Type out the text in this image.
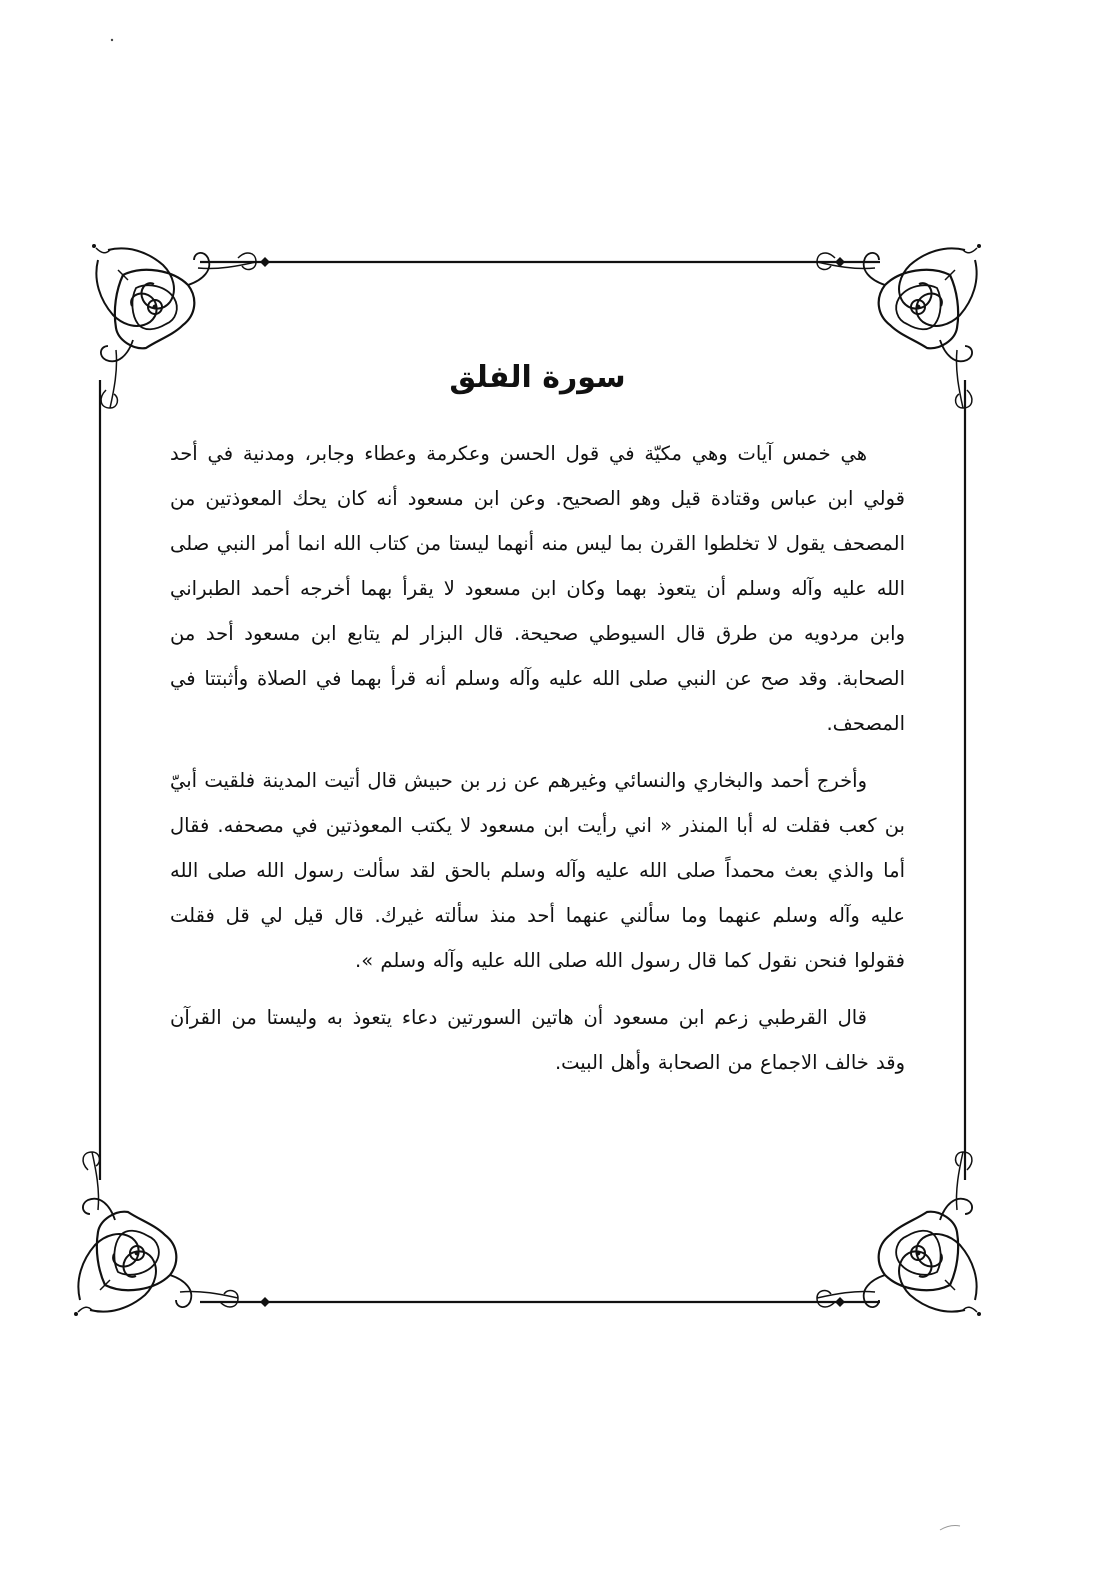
سورة الفلق

هي خمس آيات وهي مكيّة في قول الحسن وعكرمة وعطاء وجابر، ومدنية في أحد قولي ابن عباس وقتادة قيل وهو الصحيح. وعن ابن مسعود أنه كان يحك المعوذتين من المصحف يقول لا تخلطوا القرن بما ليس منه أنهما ليستا من كتاب الله انما أمر النبي صلى الله عليه وآله وسلم أن يتعوذ بهما وكان ابن مسعود لا يقرأ بهما أخرجه أحمد الطبراني وابن مردويه من طرق قال السيوطي صحيحة. قال البزار لم يتابع ابن مسعود أحد من الصحابة. وقد صح عن النبي صلى الله عليه وآله وسلم أنه قرأ بهما في الصلاة وأثبتتا في المصحف.

وأخرج أحمد والبخاري والنسائي وغيرهم عن زر بن حبيش قال أتيت المدينة فلقيت أبيّ بن كعب فقلت له أبا المنذر « اني رأيت ابن مسعود لا يكتب المعوذتين في مصحفه. فقال أما والذي بعث محمداً صلى الله عليه وآله وسلم بالحق لقد سألت رسول الله صلى الله عليه وآله وسلم عنهما وما سألني عنهما أحد منذ سألته غيرك. قال قيل لي قل فقلت فقولوا فنحن نقول كما قال رسول الله صلى الله عليه وآله وسلم ».

قال القرطبي زعم ابن مسعود أن هاتين السورتين دعاء يتعوذ به وليستا من القرآن وقد خالف الاجماع من الصحابة وأهل البيت.
